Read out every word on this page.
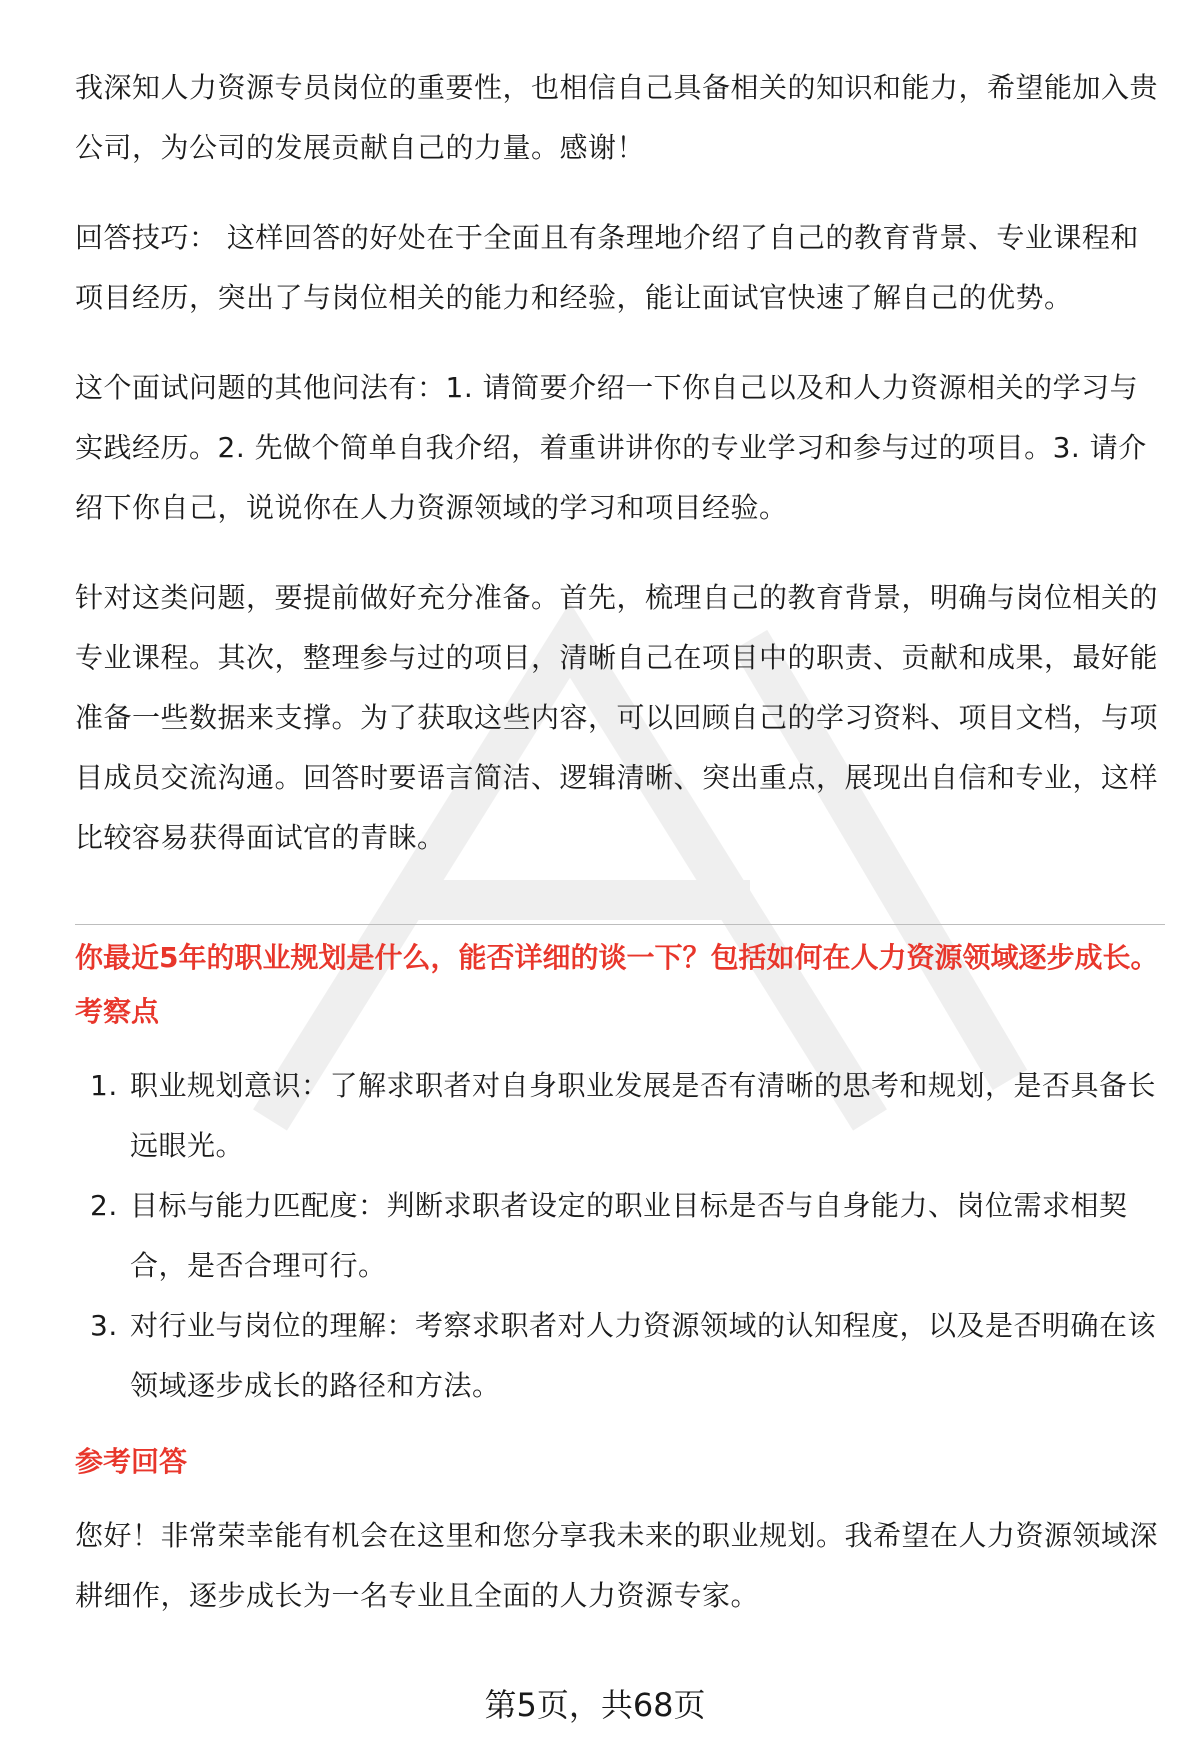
我深知人力资源专员岗位的重要性，也相信自己具备相关的知识和能力，希望能加入贵公司，为公司的发展贡献自己的力量。感谢！

回答技巧： 这样回答的好处在于全面且有条理地介绍了自己的教育背景、专业课程和项目经历，突出了与岗位相关的能力和经验，能让面试官快速了解自己的优势。

这个面试问题的其他问法有：1. 请简要介绍一下你自己以及和人力资源相关的学习与实践经历。2. 先做个简单自我介绍，着重讲讲你的专业学习和参与过的项目。3. 请介绍下你自己，说说你在人力资源领域的学习和项目经验。

针对这类问题，要提前做好充分准备。首先，梳理自己的教育背景，明确与岗位相关的专业课程。其次，整理参与过的项目，清晰自己在项目中的职责、贡献和成果，最好能准备一些数据来支撑。为了获取这些内容，可以回顾自己的学习资料、项目文档，与项目成员交流沟通。回答时要语言简洁、逻辑清晰、突出重点，展现出自信和专业，这样比较容易获得面试官的青睐。

你最近5年的职业规划是什么，能否详细的谈一下？包括如何在人力资源领域逐步成长。

考察点

1. 职业规划意识：了解求职者对自身职业发展是否有清晰的思考和规划，是否具备长远眼光。
2. 目标与能力匹配度：判断求职者设定的职业目标是否与自身能力、岗位需求相契合，是否合理可行。
3. 对行业与岗位的理解：考察求职者对人力资源领域的认知程度，以及是否明确在该领域逐步成长的路径和方法。

参考回答

您好！非常荣幸能有机会在这里和您分享我未来的职业规划。我希望在人力资源领域深耕细作，逐步成长为一名专业且全面的人力资源专家。

第5页，共68页
